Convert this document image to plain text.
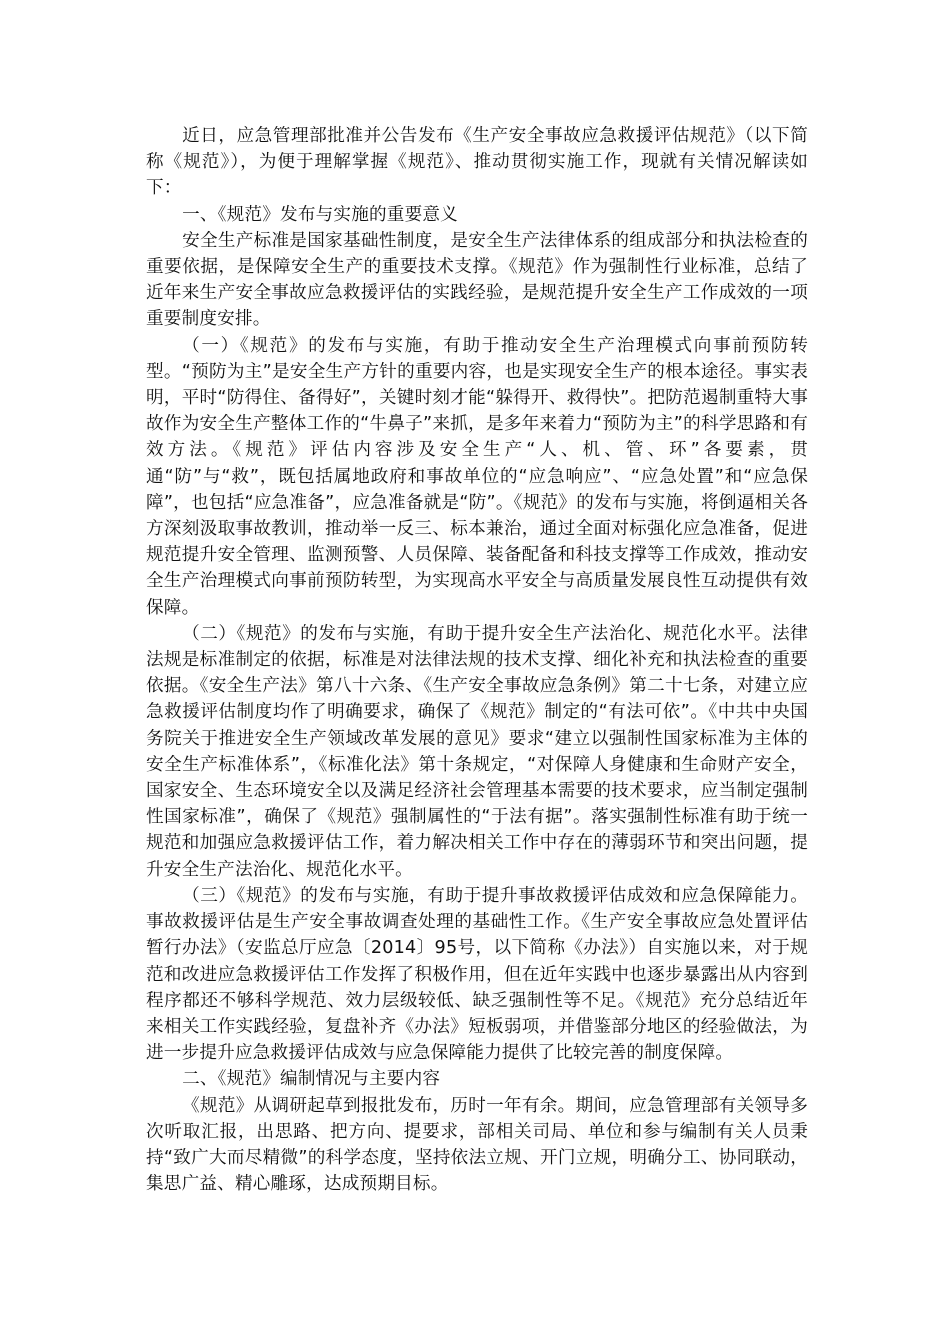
近日，应急管理部批准并公告发布《生产安全事故应急救援评估规范》（以下简称《规范》），为便于理解掌握《规范》、推动贯彻实施工作，现就有关情况解读如下：

一、《规范》发布与实施的重要意义

安全生产标准是国家基础性制度，是安全生产法律体系的组成部分和执法检查的重要依据，是保障安全生产的重要技术支撑。《规范》作为强制性行业标准，总结了近年来生产安全事故应急救援评估的实践经验，是规范提升安全生产工作成效的一项重要制度安排。

（一）《规范》的发布与实施，有助于推动安全生产治理模式向事前预防转型。“预防为主”是安全生产方针的重要内容，也是实现安全生产的根本途径。事实表明，平时“防得住、备得好”，关键时刻才能“躲得开、救得快”。把防范遏制重特大事故作为安全生产整体工作的“牛鼻子”来抓，是多年来着力“预防为主”的科学思路和有效方法。《规范》评估内容涉及安全生产“人、机、管、环”各要素，贯通“防”与“救”，既包括属地政府和事故单位的“应急响应”、“应急处置”和“应急保障”，也包括“应急准备”，应急准备就是“防”。《规范》的发布与实施，将倒逼相关各方深刻汲取事故教训，推动举一反三、标本兼治，通过全面对标强化应急准备，促进规范提升安全管理、监测预警、人员保障、装备配备和科技支撑等工作成效，推动安全生产治理模式向事前预防转型，为实现高水平安全与高质量发展良性互动提供有效保障。

（二）《规范》的发布与实施，有助于提升安全生产法治化、规范化水平。法律法规是标准制定的依据，标准是对法律法规的技术支撑、细化补充和执法检查的重要依据。《安全生产法》第八十六条、《生产安全事故应急条例》第二十七条，对建立应急救援评估制度均作了明确要求，确保了《规范》制定的“有法可依”。《中共中央国务院关于推进安全生产领域改革发展的意见》要求“建立以强制性国家标准为主体的安全生产标准体系”，《标准化法》第十条规定，“对保障人身健康和生命财产安全，国家安全、生态环境安全以及满足经济社会管理基本需要的技术要求，应当制定强制性国家标准”，确保了《规范》强制属性的“于法有据”。落实强制性标准有助于统一规范和加强应急救援评估工作，着力解决相关工作中存在的薄弱环节和突出问题，提升安全生产法治化、规范化水平。

（三）《规范》的发布与实施，有助于提升事故救援评估成效和应急保障能力。事故救援评估是生产安全事故调查处理的基础性工作。《生产安全事故应急处置评估暂行办法》（安监总厅应急〔2014〕95号，以下简称《办法》）自实施以来，对于规范和改进应急救援评估工作发挥了积极作用，但在近年实践中也逐步暴露出从内容到程序都还不够科学规范、效力层级较低、缺乏强制性等不足。《规范》充分总结近年来相关工作实践经验，复盘补齐《办法》短板弱项，并借鉴部分地区的经验做法，为进一步提升应急救援评估成效与应急保障能力提供了比较完善的制度保障。

二、《规范》编制情况与主要内容

《规范》从调研起草到报批发布，历时一年有余。期间，应急管理部有关领导多次听取汇报，出思路、把方向、提要求，部相关司局、单位和参与编制有关人员秉持“致广大而尽精微”的科学态度，坚持依法立规、开门立规，明确分工、协同联动，集思广益、精心雕琢，达成预期目标。
